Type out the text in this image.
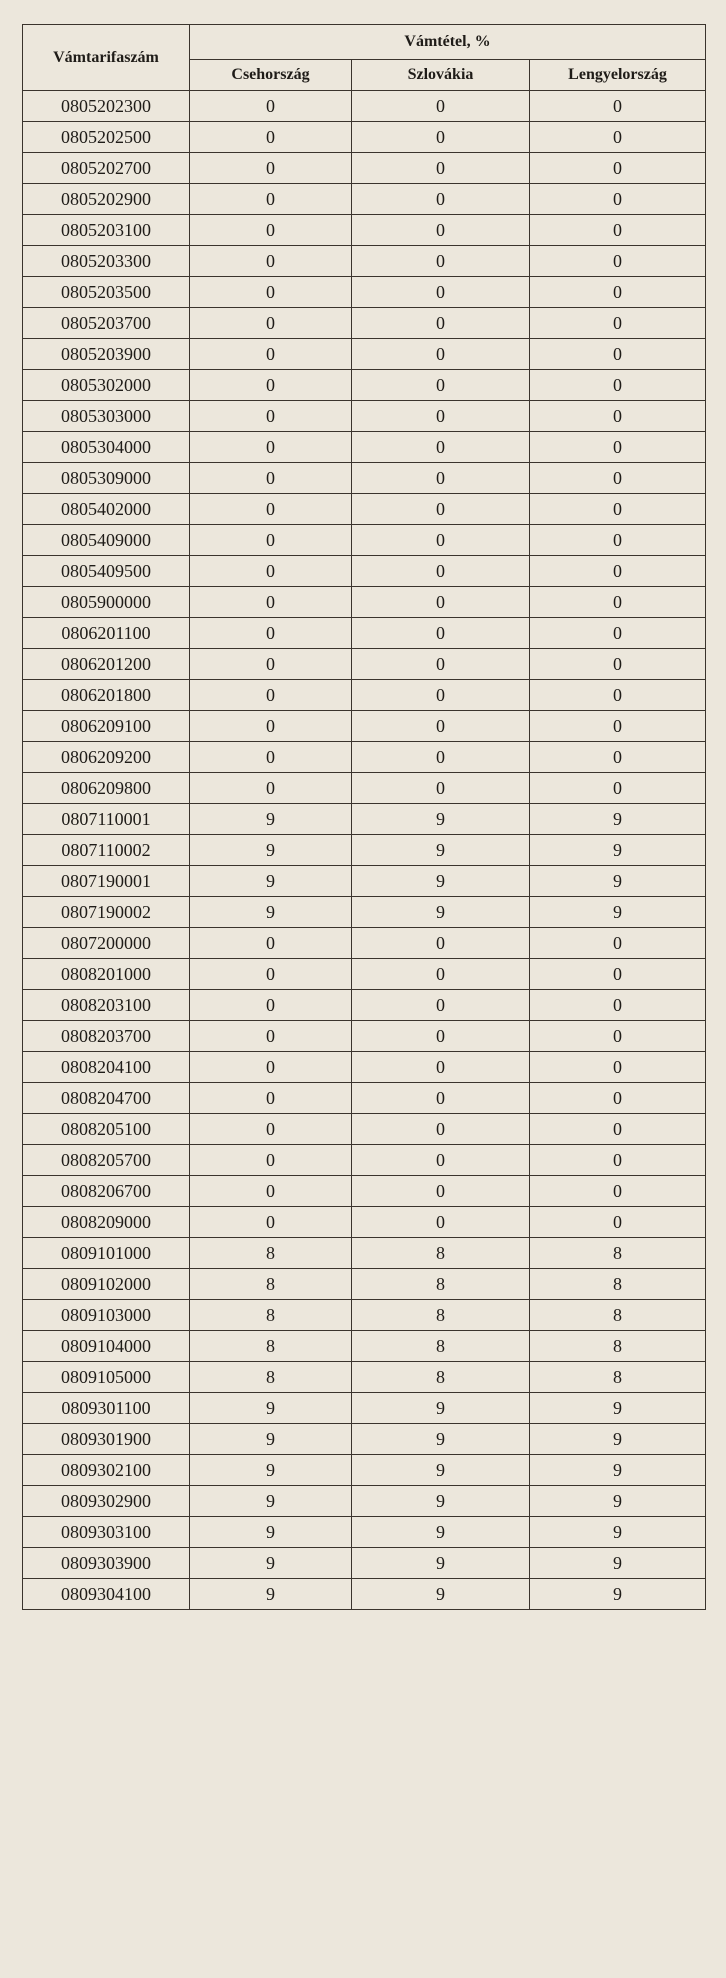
Vámtarifaszám	Vámtétel, %		
	Csehország	Szlovákia	Lengyelország
0805202300	0	0	0
0805202500	0	0	0
0805202700	0	0	0
0805202900	0	0	0
0805203100	0	0	0
0805203300	0	0	0
0805203500	0	0	0
0805203700	0	0	0
0805203900	0	0	0
0805302000	0	0	0
0805303000	0	0	0
0805304000	0	0	0
0805309000	0	0	0
0805402000	0	0	0
0805409000	0	0	0
0805409500	0	0	0
0805900000	0	0	0
0806201100	0	0	0
0806201200	0	0	0
0806201800	0	0	0
0806209100	0	0	0
0806209200	0	0	0
0806209800	0	0	0
0807110001	9	9	9
0807110002	9	9	9
0807190001	9	9	9
0807190002	9	9	9
0807200000	0	0	0
0808201000	0	0	0
0808203100	0	0	0
0808203700	0	0	0
0808204100	0	0	0
0808204700	0	0	0
0808205100	0	0	0
0808205700	0	0	0
0808206700	0	0	0
0808209000	0	0	0
0809101000	8	8	8
0809102000	8	8	8
0809103000	8	8	8
0809104000	8	8	8
0809105000	8	8	8
0809301100	9	9	9
0809301900	9	9	9
0809302100	9	9	9
0809302900	9	9	9
0809303100	9	9	9
0809303900	9	9	9
0809304100	9	9	9
